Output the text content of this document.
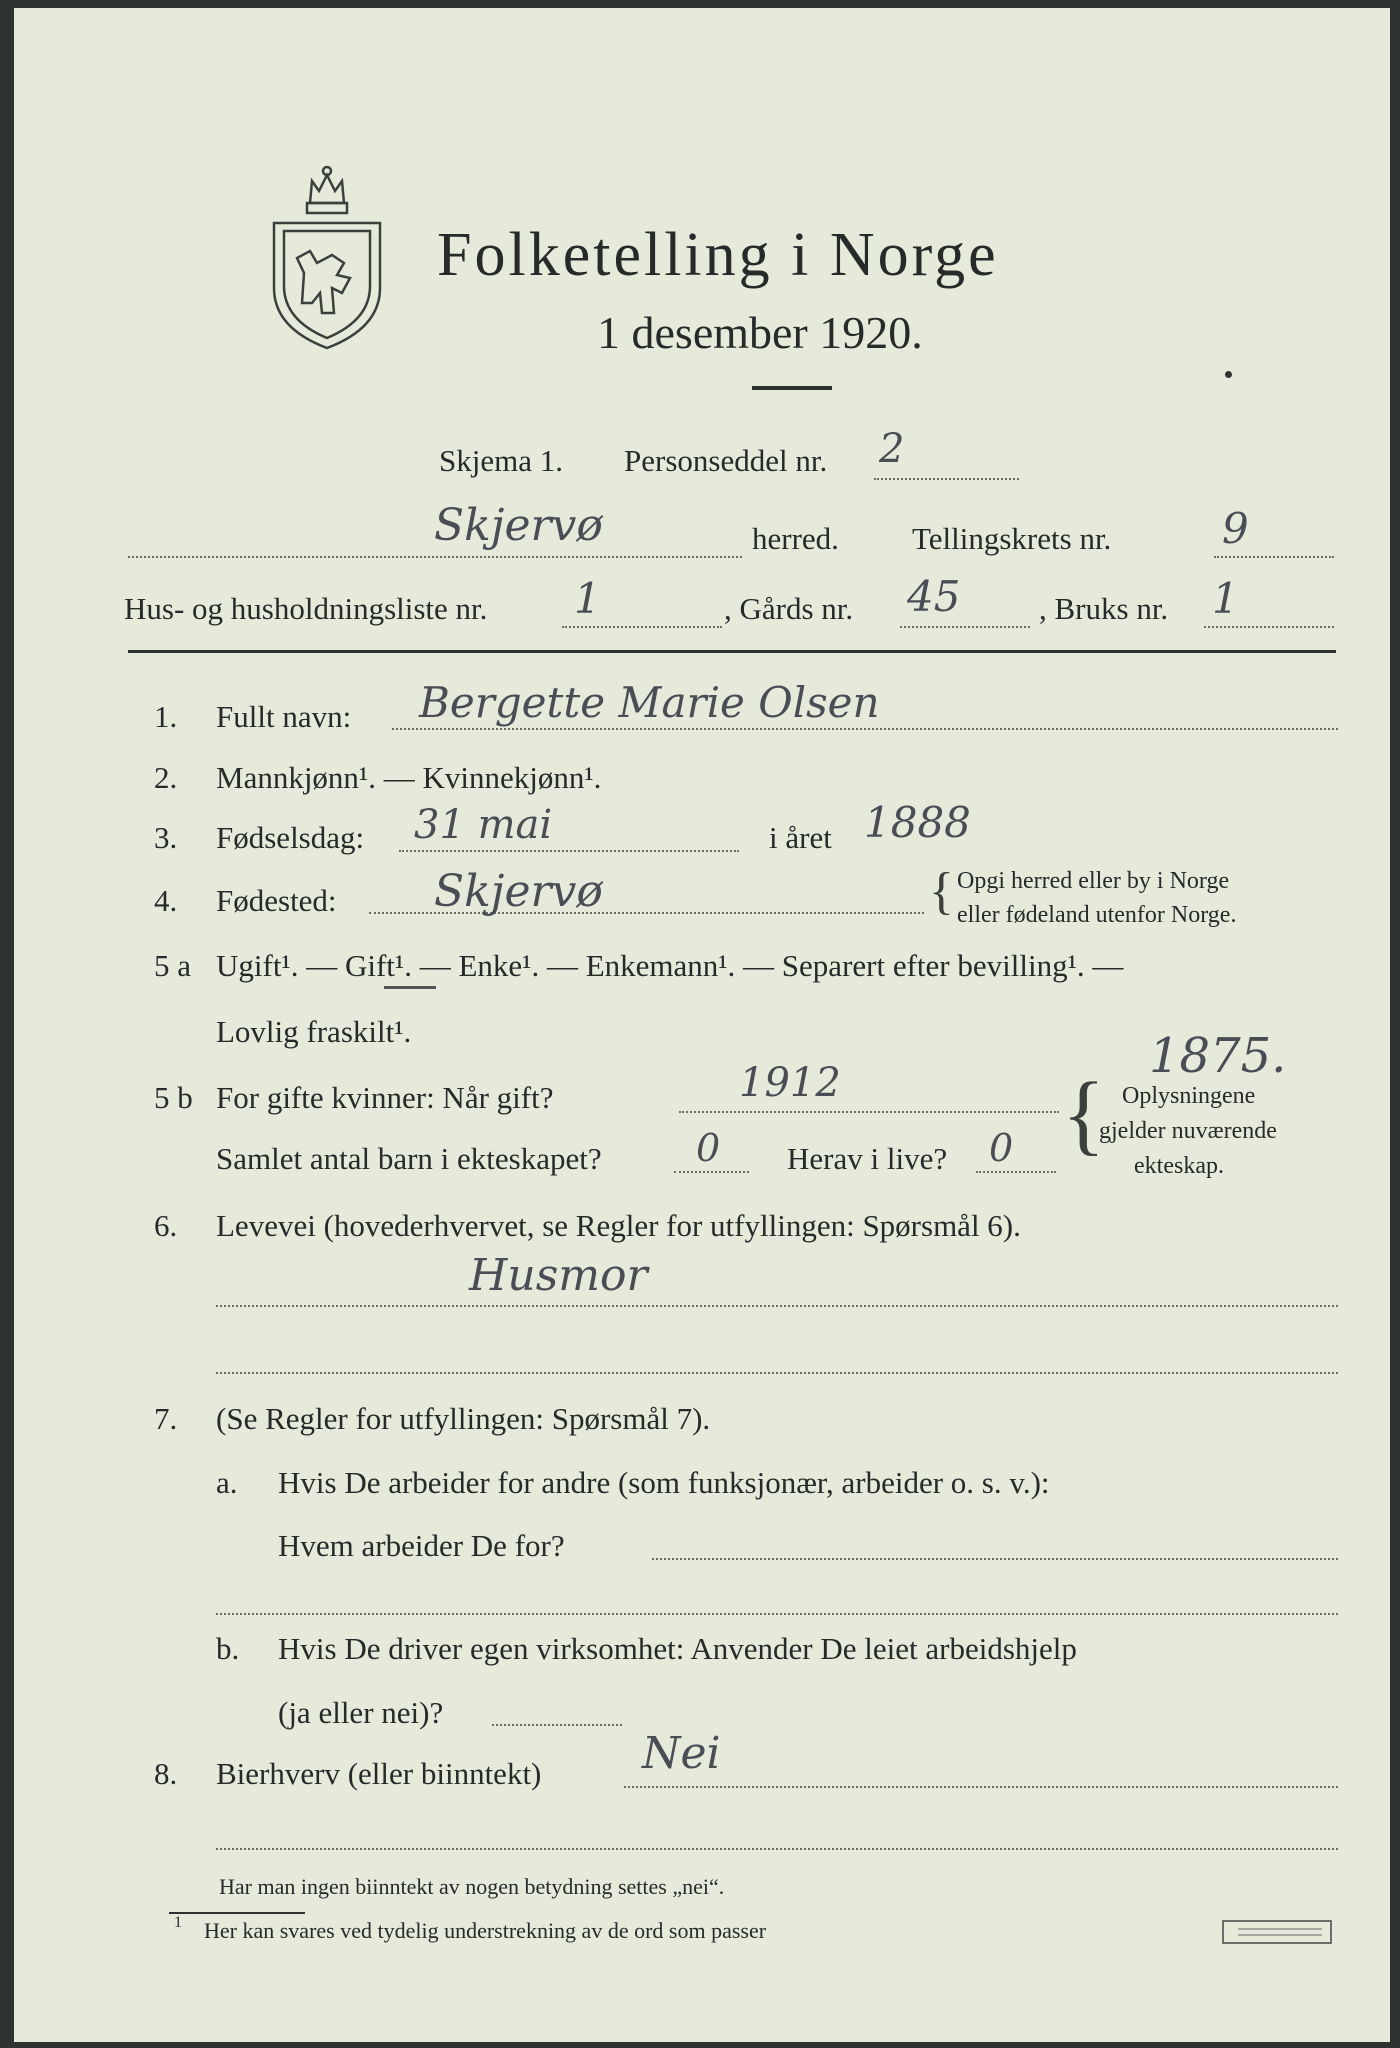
Folketelling i Norge
1 desember 1920.
Skjema 1. Personseddel nr. 2
Skjervø	herred. Tellingskrets nr.	9
Hus- og husholdningsliste nr. 1	, Gårds nr. 45	, Bruks nr. 1
1. Fullt navn: Bergette Marie Olsen
2. Mannkjønn¹. — Kvinnekjønn¹.
3. Fødselsdag: 31 mai	i året 1888
4. Fødested: Skjervø	{ Opgi herred eller by i Norge
eller fødeland utenfor Norge.
5 a Ugift¹. — Gift¹. — Enke¹. — Enkemann¹. — Separert efter bevilling¹. —
Lovlig fraskilt¹.
5 b For gifte kvinner: Når gift?	1912	1875.
Samlet antal barn i ekteskapet? 0 Herav i live? 0 { Oplysningene
gjelder nuværende
ekteskap.
6. Levevei (hovederhvervet, se Regler for utfyllingen: Spørsmål 6).
Husmor
7. (Se Regler for utfyllingen: Spørsmål 7).
a. Hvis De arbeider for andre (som funksjonær, arbeider o. s. v.):
Hvem arbeider De for?
b. Hvis De driver egen virksomhet: Anvender De leiet arbeidshjelp
(ja eller nei)?
8. Bierhverv (eller biinntekt) Nei
Har man ingen biinntekt av nogen betydning settes „nei“.
1 Her kan svares ved tydelig understrekning av de ord som passer
